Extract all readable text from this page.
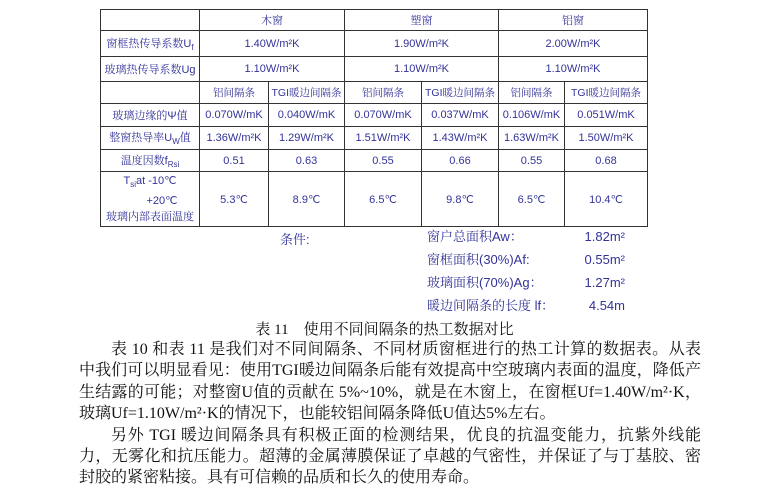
	木窗		塑窗		铝窗	
窗框热传导系数$U_f$	1.40W/m²K		1.90W/m²K		2.00W/m²K	
玻璃热传导系数Ug	1.10W/m²K		1.10W/m²K		1.10W/m²K	
	铝间隔条	TGI暖边间隔条	铝间隔条	TGI暖边间隔条	铝间隔条	TGI暖边间隔条
玻璃边缘的Ψ值	0.070W/mK	0.040W/mK	0.070W/mK	0.037W/mK	0.106W/mK	0.051W/mK
整窗热导率$U_W$值	1.36W/m²K	1.29W/m²K	1.51W/m²K	1.43W/m²K	1.63W/m²K	1.50W/m²K
温度因数$f_{Rsi}$	0.51	0.63	0.55	0.66	0.55	0.68

$T_{si}at$ -10℃
+20℃
玻璃内部表面温度	5.3℃	8.9℃	6.5℃	9.8℃	6.5℃	10.4℃
条件:	窗户总面积Aw：	1.82m²
窗框面积(30%)Af:	0.55m²
玻璃面积(70%)Ag：	1.27m²
暖边间隔条的长度 lf：	4.54m
表 11　使用不同间隔条的热工数据对比

表 10 和表 11 是我们对不同间隔条、不同材质窗框进行的热工计算的数据表。从表中我们可以明显看见：使用TGI暖边间隔条后能有效提高中空玻璃内表面的温度，降低产生结露的可能；对整窗U值的贡献在 5%~10%，就是在木窗上，在窗框Uf=1.40W/m²·K，玻璃Uf=1.10W/m²·K的情况下，也能较铝间隔条降低U值达5%左右。

另外 TGI 暖边间隔条具有积极正面的检测结果，优良的抗温变能力，抗紫外线能力，无雾化和抗压能力。超薄的金属薄膜保证了卓越的气密性，并保证了与丁基胶、密封胶的紧密粘接。具有可信赖的品质和长久的使用寿命。
